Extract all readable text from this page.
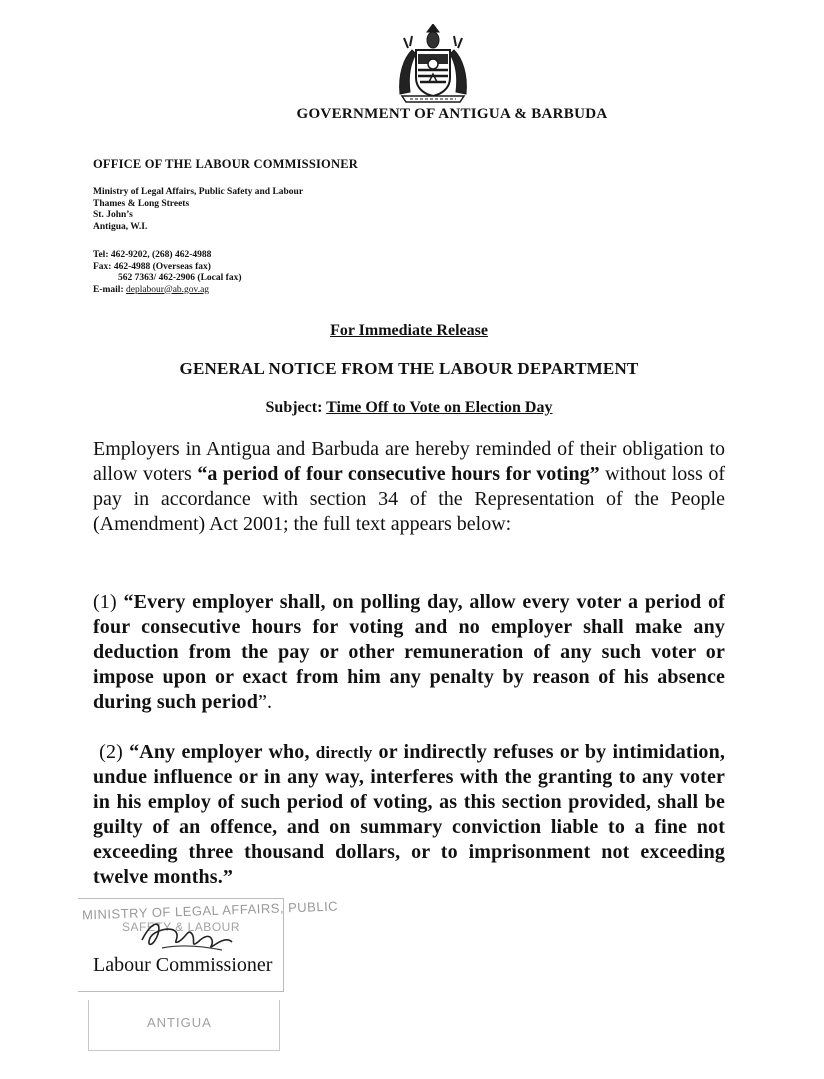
GOVERNMENT OF ANTIGUA & BARBUDA
OFFICE OF THE LABOUR COMMISSIONER
Ministry of Legal Affairs, Public Safety and Labour
Thames & Long Streets
St. John’s
Antigua, W.I.
Tel: 462-9202, (268) 462-4988
Fax: 462-4988 (Overseas fax)
562 7363/ 462-2906 (Local fax)
E-mail: deplabour@ab.gov.ag
For Immediate Release
GENERAL NOTICE FROM THE LABOUR DEPARTMENT
Subject: Time Off to Vote on Election Day
Employers in Antigua and Barbuda are hereby reminded of their obligation to allow voters “a period of four consecutive hours for voting” without loss of pay in accordance with section 34 of the Representation of the People (Amendment) Act 2001; the full text appears below:
(1) “Every employer shall, on polling day, allow every voter a period of four consecutive hours for voting and no employer shall make any deduction from the pay or other remuneration of any such voter or impose upon or exact from him any penalty by reason of his absence during such period”.
(2) “Any employer who, directly or indirectly refuses or by intimidation, undue influence or in any way, interferes with the granting to any voter in his employ of such period of voting, as this section provided, shall be guilty of an offence, and on summary conviction liable to a fine not exceeding three thousand dollars, or to imprisonment not exceeding twelve months.”
MINISTRY OF LEGAL AFFAIRS, PUBLIC
SAFETY & LABOUR
ANTIGUA
Labour Commissioner
